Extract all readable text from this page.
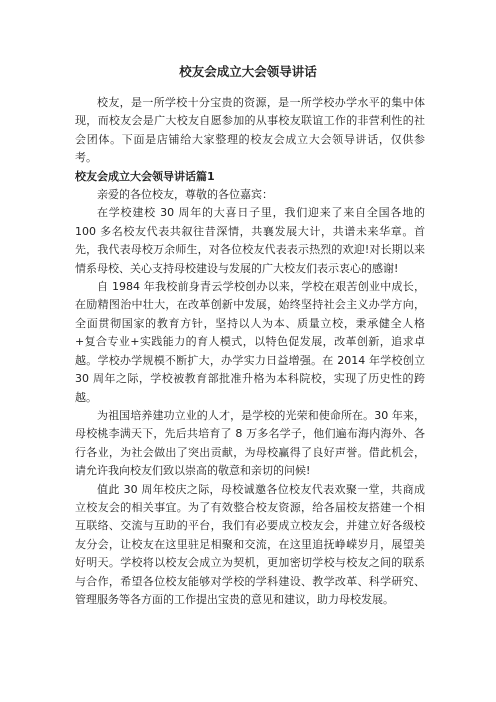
校友会成立大会领导讲话

校友，是一所学校十分宝贵的资源，是一所学校办学水平的集中体现，而校友会是广大校友自愿参加的从事校友联谊工作的非营利性的社会团体。下面是店铺给大家整理的校友会成立大会领导讲话，仅供参考。

校友会成立大会领导讲话篇1

亲爱的各位校友，尊敬的各位嘉宾：

在学校建校 30 周年的大喜日子里，我们迎来了来自全国各地的 100 多名校友代表共叙往昔深情，共襄发展大计，共谱未来华章。首先，我代表母校万余师生，对各位校友代表表示热烈的欢迎!对长期以来情系母校、关心支持母校建设与发展的广大校友们表示衷心的感谢!

自 1984 年我校前身青云学校创办以来，学校在艰苦创业中成长，在励精图治中壮大，在改革创新中发展，始终坚持社会主义办学方向，全面贯彻国家的教育方针，坚持以人为本、质量立校，秉承健全人格+复合专业+实践能力的育人模式，以特色促发展，改革创新，追求卓越。学校办学规模不断扩大，办学实力日益增强。在 2014 年学校创立 30 周年之际，学校被教育部批准升格为本科院校，实现了历史性的跨越。

为祖国培养建功立业的人才，是学校的光荣和使命所在。30 年来，母校桃李满天下，先后共培育了 8 万多名学子，他们遍布海内海外、各行各业，为社会做出了突出贡献，为母校赢得了良好声誉。借此机会，请允许我向校友们致以崇高的敬意和亲切的问候!

值此 30 周年校庆之际，母校诚邀各位校友代表欢聚一堂，共商成立校友会的相关事宜。为了有效整合校友资源，给各届校友搭建一个相互联络、交流与互助的平台，我们有必要成立校友会，并建立好各级校友分会，让校友在这里驻足相聚和交流，在这里追抚峥嵘岁月，展望美好明天。学校将以校友会成立为契机，更加密切学校与校友之间的联系与合作，希望各位校友能够对学校的学科建设、教学改革、科学研究、管理服务等各方面的工作提出宝贵的意见和建议，助力母校发展。
